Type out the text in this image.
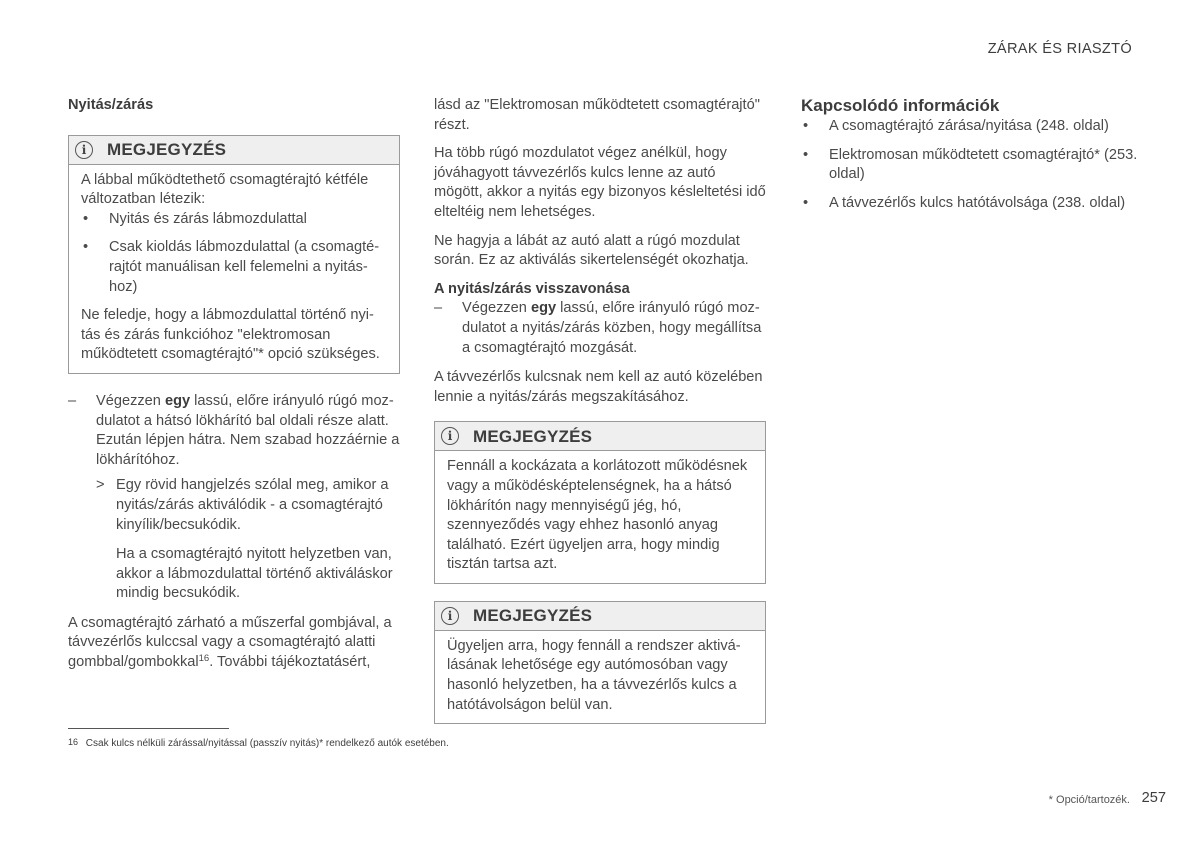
ZÁRAK ÉS RIASZTÓ
Nyitás/zárás
i	MEGJEGYZÉS

A lábbal működtethető csomagtérajtó kétféle változatban létezik:

• Nyitás és zárás lábmozdulattal
• Csak kioldás lábmozdulattal (a csomagtérajtót manuálisan kell felemelni a nyitáshoz)

Ne feledje, hogy a lábmozdulattal történő nyitás és zárás funkcióhoz "elektromosan működtetett csomagtérajtó"* opció szükséges.

– Végezzen egy lassú, előre irányuló rúgó mozdulatot a hátsó lökhárító bal oldali része alatt. Ezután lépjen hátra. Nem szabad hozzáérnie a lökhárítóhoz.
> Egy rövid hangjelzés szólal meg, amikor a nyitás/zárás aktiválódik - a csomagtérajtó kinyílik/becsukódik.

Ha a csomagtérajtó nyitott helyzetben van, akkor a lábmozdulattal történő aktiváláskor mindig becsukódik.

A csomagtérajtó zárható a műszerfal gombjával, a távvezérlős kulccsal vagy a csomagtérajtó alatti gombbal/gombokkal$^{16}$. További tájékoztatásért,

lásd az "Elektromosan működtetett csomagtérajtó" részt.

Ha több rúgó mozdulatot végez anélkül, hogy jóváhagyott távvezérlős kulcs lenne az autó mögött, akkor a nyitás egy bizonyos késleltetési idő elteltéig nem lehetséges.

Ne hagyja a lábát az autó alatt a rúgó mozdulat során. Ez az aktiválás sikertelenségét okozhatja.

A nyitás/zárás visszavonása
– Végezzen egy lassú, előre irányuló rúgó mozdulatot a nyitás/zárás közben, hogy megállítsa a csomagtérajtó mozgását.

A távvezérlős kulcsnak nem kell az autó közelében lennie a nyitás/zárás megszakításához.

i	MEGJEGYZÉS

Fennáll a kockázata a korlátozott működésnek vagy a működésképtelenségnek, ha a hátsó lökhárítón nagy mennyiségű jég, hó, szennyeződés vagy ehhez hasonló anyag található. Ezért ügyeljen arra, hogy mindig tisztán tartsa azt.

i	MEGJEGYZÉS

Ügyeljen arra, hogy fennáll a rendszer aktiválásának lehetősége egy autómosóban vagy hasonló helyzetben, ha a távvezérlős kulcs a hatótávolságon belül van.

Kapcsolódó információk
• A csomagtérajtó zárása/nyitása (248. oldal)
• Elektromosan működtetett csomagtérajtó* (253. oldal)
• A távvezérlős kulcs hatótávolsága (238. oldal)
16 Csak kulcs nélküli zárással/nyitással (passzív nyitás)* rendelkező autók esetében.
* Opció/tartozék. 257
